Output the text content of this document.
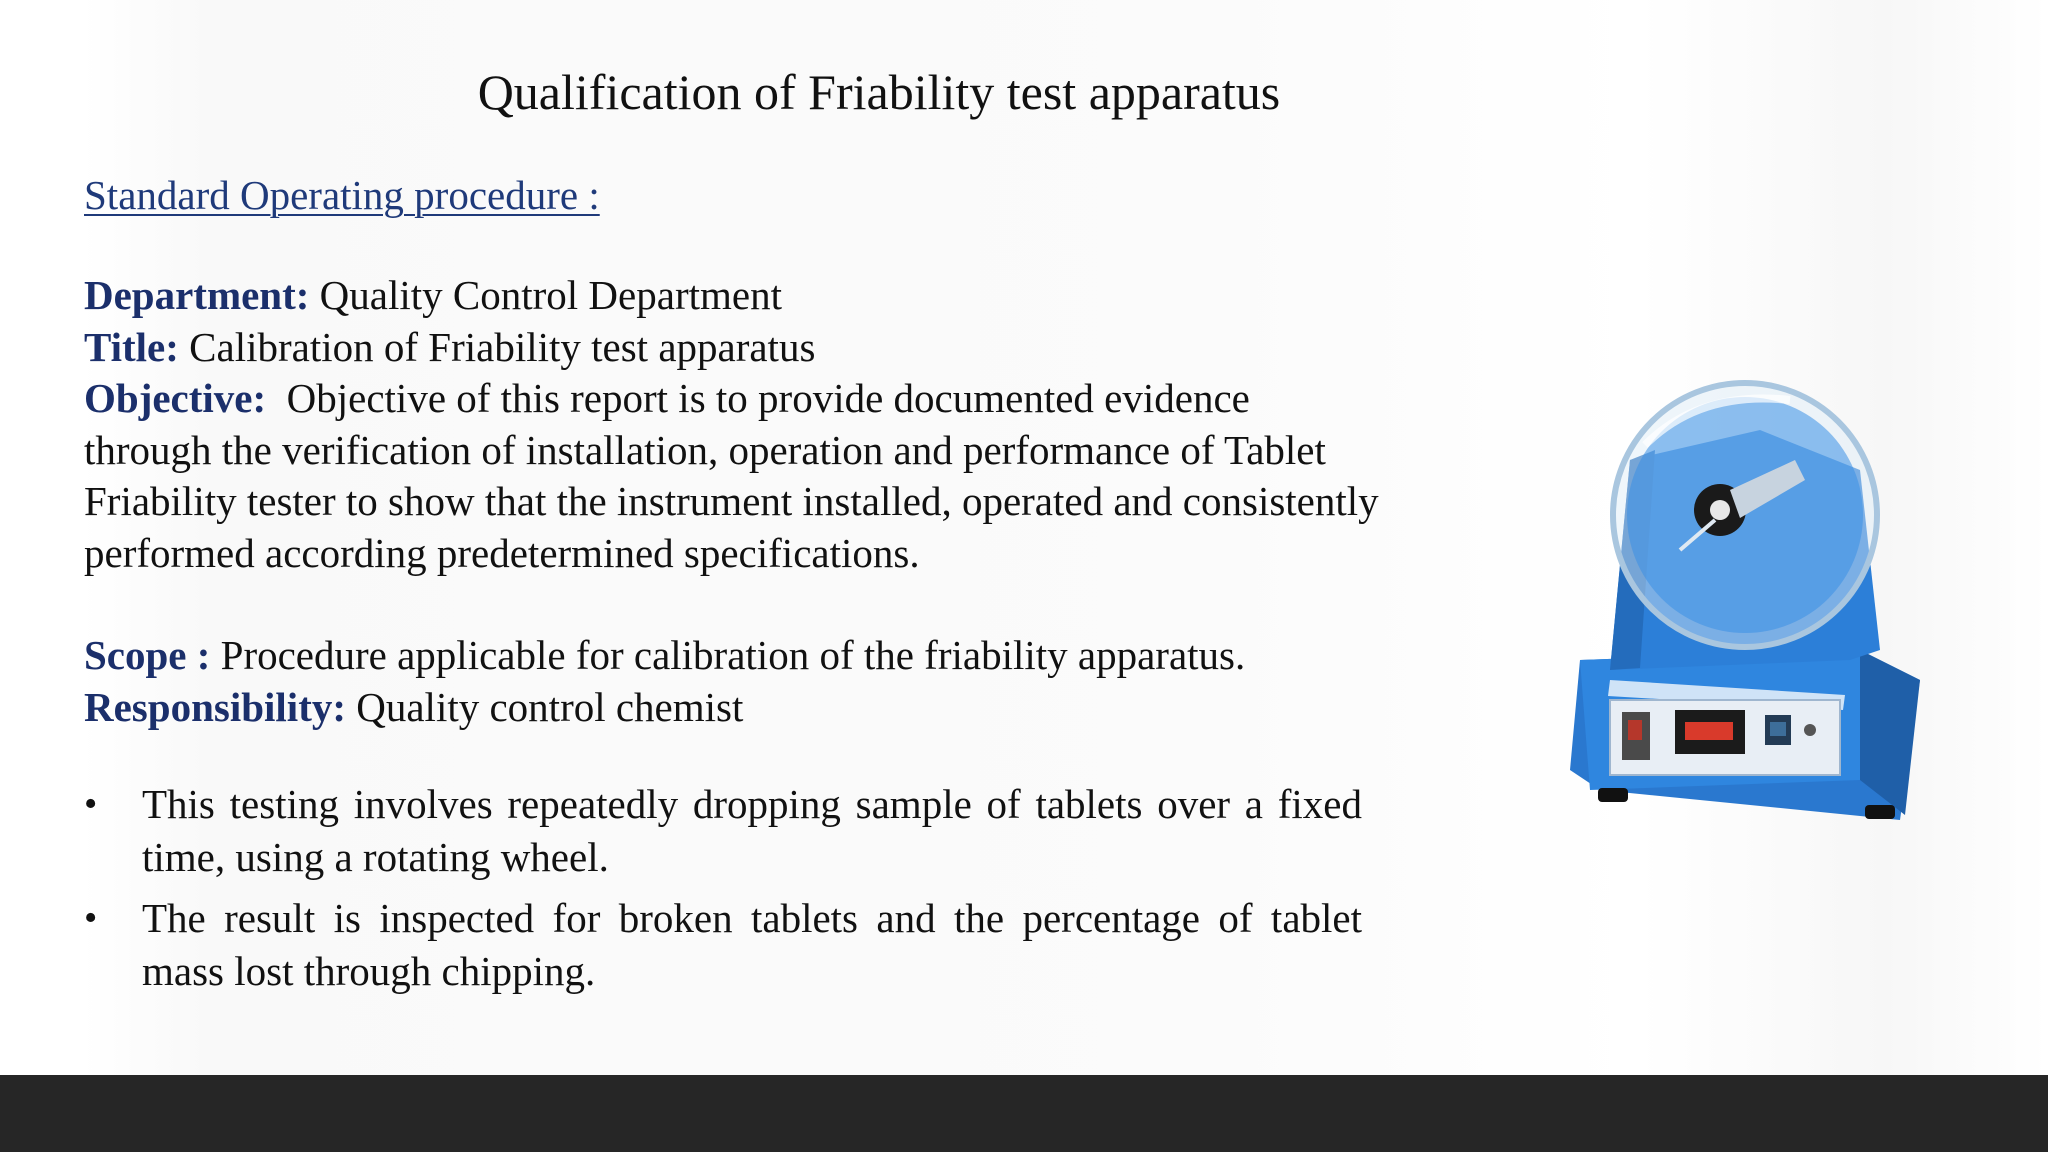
Qualification of Friability test apparatus
Standard Operating procedure :

Department: Quality Control Department

Title: Calibration of Friability test apparatus

Objective:  Objective of this report is to provide documented evidence through the verification of installation, operation and performance of Tablet Friability tester to show that the instrument installed, operated and consistently performed according predetermined specifications.

Scope : Procedure applicable for calibration of the friability apparatus.

Responsibility: Quality control chemist

• This testing involves repeatedly dropping sample of tablets over a fixed time, using a rotating wheel.
• The result is inspected for broken tablets and the percentage of tablet mass lost through chipping.
